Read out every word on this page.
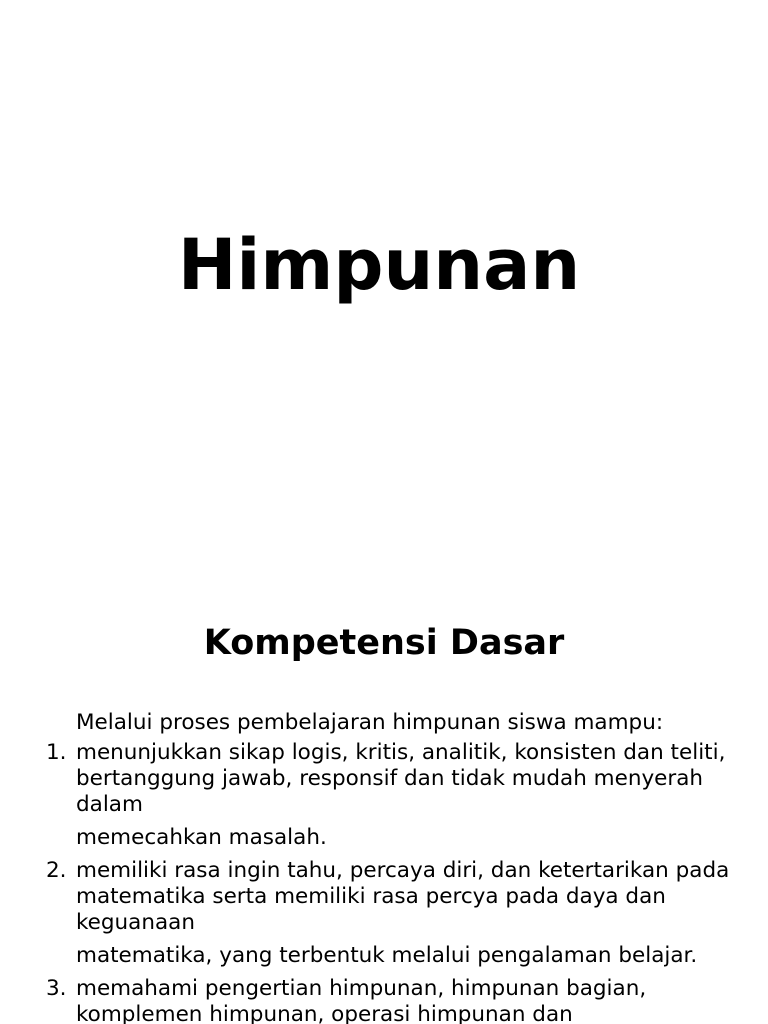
Himpunan
Kompetensi Dasar
Melalui proses pembelajaran himpunan siswa mampu:
1. menunjukkan sikap logis, kritis, analitik, konsisten dan teliti, bertanggung jawab, responsif dan tidak mudah menyerah dalam
memecahkan masalah.
2. memiliki rasa ingin tahu, percaya diri, dan ketertarikan pada matematika serta memiliki rasa percya pada daya dan keguanaan
matematika, yang terbentuk melalui pengalaman belajar.
3. memahami pengertian himpunan, himpunan bagian, komplemen himpunan, operasi himpunan dan
